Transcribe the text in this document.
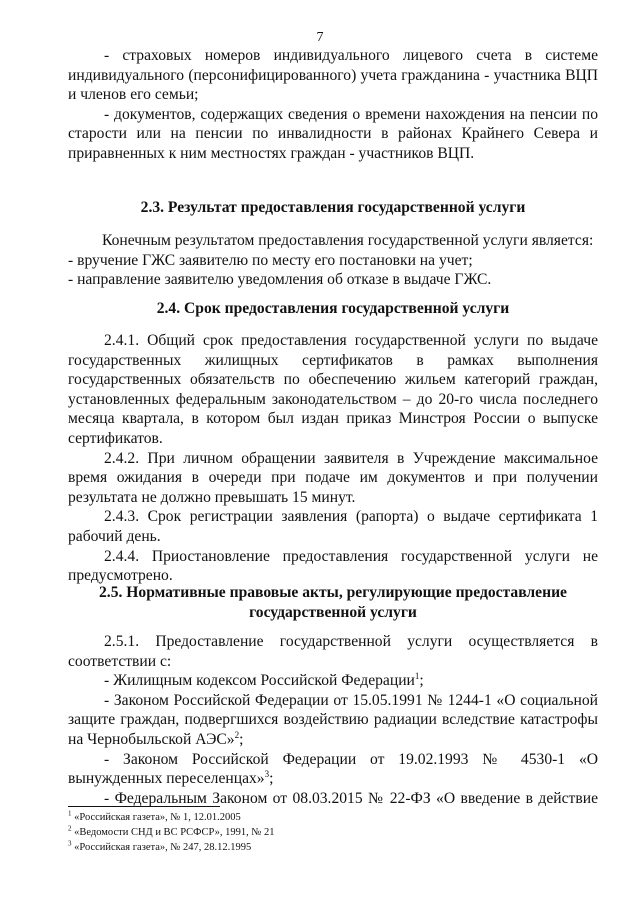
7

- страховых номеров индивидуального лицевого счета в системе индивидуального (персонифицированного) учета гражданина - участника ВЦП и членов его семьи;

- документов, содержащих сведения о времени нахождения на пенсии по старости или на пенсии по инвалидности в районах Крайнего Севера и приравненных к ним местностях граждан - участников ВЦП.

2.3. Результат предоставления государственной услуги

Конечным результатом предоставления государственной услуги является:

- вручение ГЖС заявителю по месту его постановки на учет;

- направление заявителю уведомления об отказе в выдаче ГЖС.

2.4. Срок предоставления государственной услуги

2.4.1. Общий срок предоставления государственной услуги по выдаче государственных жилищных сертификатов в рамках выполнения государственных обязательств по обеспечению жильем категорий граждан, установленных федеральным законодательством – до 20-го числа последнего месяца квартала, в котором был издан приказ Минстроя России о выпуске сертификатов.

2.4.2. При личном обращении заявителя в Учреждение максимальное время ожидания в очереди при подаче им документов и при получении результата не должно превышать 15 минут.

2.4.3. Срок регистрации заявления (рапорта) о выдаче сертификата 1 рабочий день.

2.4.4. Приостановление предоставления государственной услуги не предусмотрено.

2.5. Нормативные правовые акты, регулирующие предоставление

государственной услуги

2.5.1. Предоставление государственной услуги осуществляется в соответствии с:

- Жилищным кодексом Российской Федерации$^1$;

- Законом Российской Федерации от 15.05.1991 № 1244-1 «О социальной защите граждан, подвергшихся воздействию радиации вследствие катастрофы на Чернобыльской АЭС»$^2$;

- Законом Российской Федерации от 19.02.1993 № 4530-1 «О вынужденных переселенцах»$^3$;

- Федеральным Законом от 08.03.2015 № 22-ФЗ «О введение в действие

$^1$ «Российская газета», № 1, 12.01.2005
$^2$ «Ведомости СНД и ВС РСФСР», 1991, № 21
$^3$ «Российская газета», № 247, 28.12.1995
